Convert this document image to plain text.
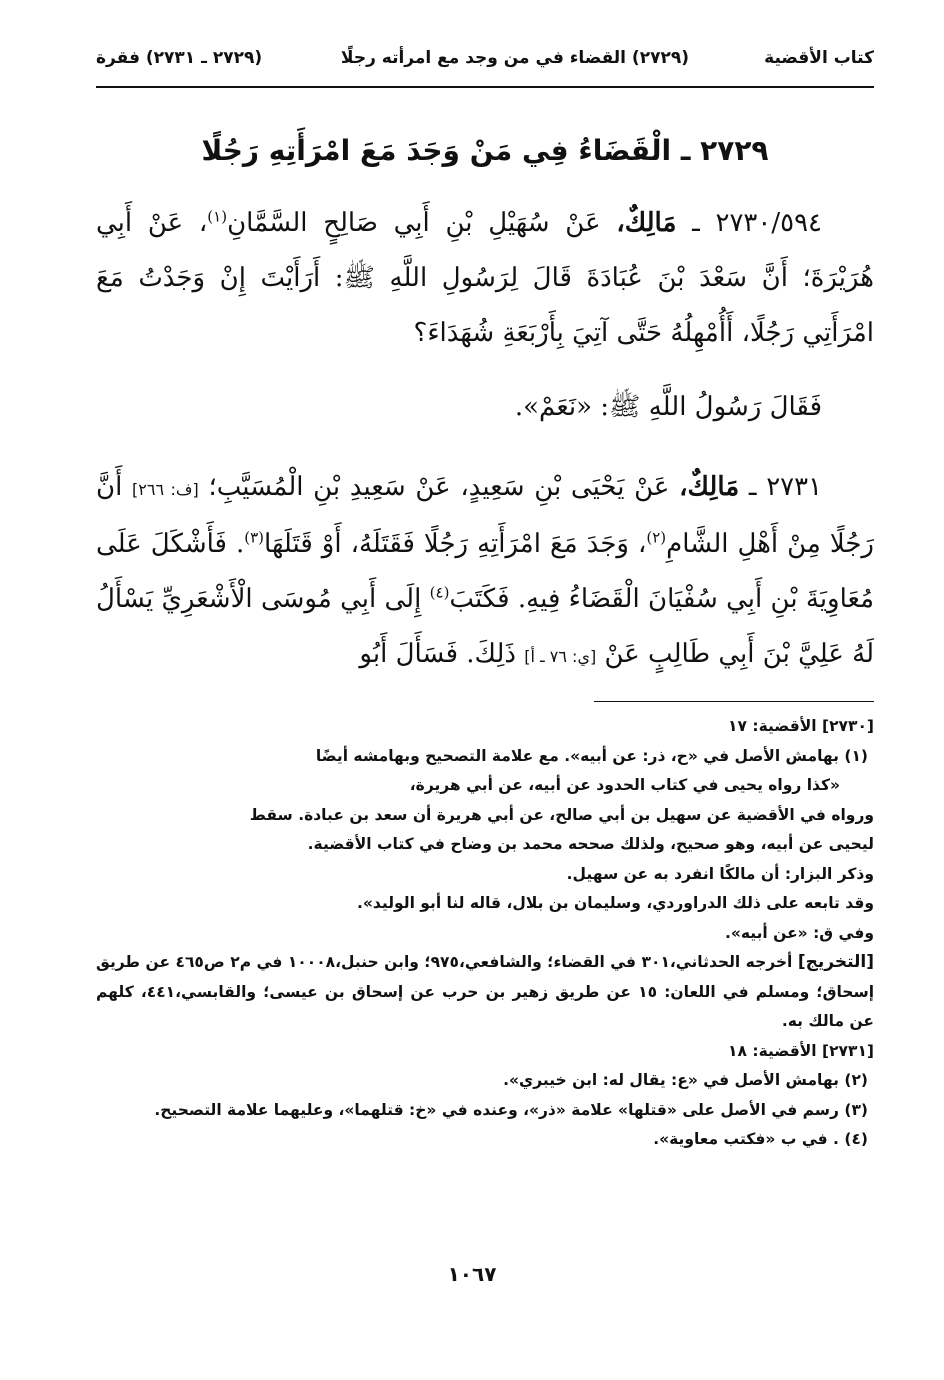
كتاب الأقضية
(٢٧٢٩) القضاء في من وجد مع امرأته رجلًا
(٢٧٢٩ ـ ٢٧٣١) فقرة
٢٧٢٩ ـ الْقَضَاءُ فِي مَنْ وَجَدَ مَعَ امْرَأَتِهِ رَجُلًا

٢٧٣٠/٥٩٤ ـ مَالِكٌ، عَنْ سُهَيْلِ بْنِ أَبِي صَالِحٍ السَّمَّانِ$^{(١)}$، عَنْ أَبِي هُرَيْرَةَ؛ أَنَّ سَعْدَ بْنَ عُبَادَةَ قَالَ لِرَسُولِ اللَّهِ ﷺ: أَرَأَيْتَ إِنْ وَجَدْتُ مَعَ امْرَأَتِي رَجُلًا، أَأُمْهِلُهُ حَتَّى آتِيَ بِأَرْبَعَةِ شُهَدَاءَ؟

فَقَالَ رَسُولُ اللَّهِ ﷺ: «نَعَمْ».

٢٧٣١ ـ مَالِكٌ، عَنْ يَحْيَى بْنِ سَعِيدٍ، عَنْ سَعِيدِ بْنِ الْمُسَيَّبِ؛ [ف: ٢٦٦] أَنَّ رَجُلًا مِنْ أَهْلِ الشَّامِ$^{(٢)}$، وَجَدَ مَعَ امْرَأَتِهِ رَجُلًا فَقَتَلَهُ، أَوْ قَتَلَهَا$^{(٣)}$. فَأَشْكَلَ عَلَى مُعَاوِيَةَ بْنِ أَبِي سُفْيَانَ الْقَضَاءُ فِيهِ. فَكَتَبَ$^{(٤)}$ إِلَى أَبِي مُوسَى الْأَشْعَرِيِّ يَسْأَلُ لَهُ عَلِيَّ بْنَ أَبِي طَالِبٍ عَنْ [ي: ٧٦ ـ أ] ذَلِكَ. فَسَأَلَ أَبُو

[٢٧٣٠] الأقضية: ١٧

(١) بهامش الأصل في «ح، ذر: عن أبيه». مع علامة التصحيح وبهامشه أيضًا

«كذا رواه يحيى في كتاب الحدود عن أبيه، عن أبي هريرة،

ورواه في الأقضية عن سهيل بن أبي صالح، عن أبي هريرة أن سعد بن عبادة. سقط

ليحيى عن أبيه، وهو صحيح، ولذلك صححه محمد بن وضاح في كتاب الأقضية.

وذكر البزار: أن مالكًا انفرد به عن سهيل.

وقد تابعه على ذلك الدراوردي، وسليمان بن بلال، قاله لنا أبو الوليد».

وفي ق: «عن أبيه».

[التخريج] أخرجه الحدثاني،٣٠١ في القضاء؛ والشافعي،٩٧٥؛ وابن حنبل،١٠٠٠٨ في م٢ ص٤٦٥ عن طريق إسحاق؛ ومسلم في اللعان: ١٥ عن طريق زهير بن حرب عن إسحاق بن عيسى؛ والقابسي،٤٤١، كلهم عن مالك به.

[٢٧٣١] الأقضية: ١٨

(٢) بهامش الأصل في «ع: يقال له: ابن خيبري».

(٣) رسم في الأصل على «قتلها» علامة «ذر»، وعنده في «خ: قتلهما»، وعليهما علامة التصحيح.

(٤) . في ب «فكتب معاوية».

١٠٦٧
